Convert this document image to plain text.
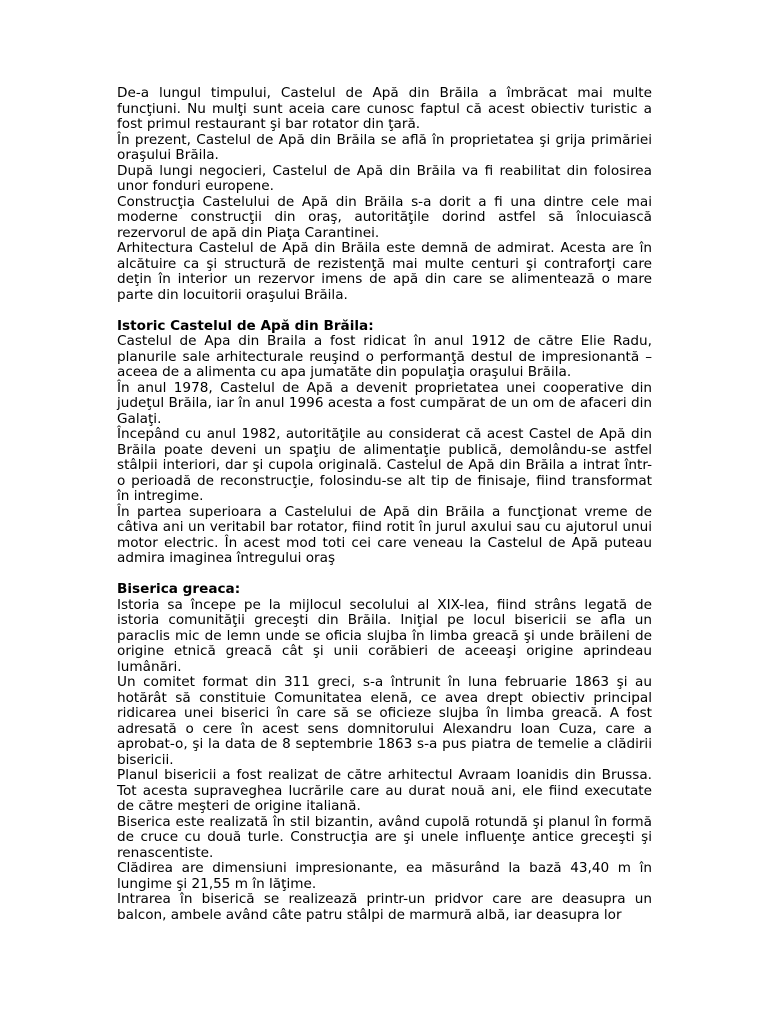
De-a lungul timpului, Castelul de Apă din Brăila a îmbrăcat mai multe funcţiuni. Nu mulţi sunt aceia care cunosc faptul că acest obiectiv turistic a fost primul restaurant şi bar rotator din ţară.

În prezent, Castelul de Apă din Brăila se află în proprietatea şi grija primăriei oraşului Brăila.

După lungi negocieri, Castelul de Apă din Brăila va fi reabilitat din folosirea unor fonduri europene.

Construcţia Castelului de Apă din Brăila s-a dorit a fi una dintre cele mai moderne construcţii din oraş, autorităţile dorind astfel să înlocuiască rezervorul de apă din Piaţa Carantinei.

Arhitectura Castelul de Apă din Brăila este demnă de admirat. Acesta are în alcătuire ca şi structură de rezistenţă mai multe centuri şi contraforţi care deţin în interior un rezervor imens de apă din care se alimentează o mare parte din locuitorii oraşului Brăila.

Istoric Castelul de Apă din Brăila:

Castelul de Apa din Braila a fost ridicat în anul 1912 de către Elie Radu, planurile sale arhitecturale reuşind o performanţă destul de impresionantă – aceea de a alimenta cu apa jumatăte din populaţia oraşului Brăila.

În anul 1978, Castelul de Apă a devenit proprietatea unei cooperative din judeţul Brăila, iar în anul 1996 acesta a fost cumpărat de un om de afaceri din Galaţi.

Începând cu anul 1982, autorităţile au considerat că acest Castel de Apă din Brăila poate deveni un spaţiu de alimentaţie publică, demolându-se astfel stâlpii interiori, dar şi cupola originală. Castelul de Apă din Brăila a intrat într-o perioadă de reconstrucţie, folosindu-se alt tip de finisaje, fiind transformat în intregime.

În partea superioara a Castelului de Apă din Brăila a funcţionat vreme de câtiva ani un veritabil bar rotator, fiind rotit în jurul axului sau cu ajutorul unui motor electric. În acest mod toti cei care veneau la Castelul de Apă puteau admira imaginea întregului oraş

Biserica greaca:

Istoria sa începe pe la mijlocul secolului al XIX-lea, fiind strâns legată de istoria comunităţii greceşti din Brăila. Iniţial pe locul bisericii se afla un paraclis mic de lemn unde se oficia slujba în limba greacă şi unde brăileni de origine etnică greacă cât şi unii corăbieri de aceeaşi origine aprindeau lumânări.

Un comitet format din 311 greci, s-a întrunit în luna februarie 1863 şi au hotărât să constituie Comunitatea elenă, ce avea drept obiectiv principal ridicarea unei biserici în care să se oficieze slujba în limba greacă. A fost adresată o cere în acest sens domnitorului Alexandru Ioan Cuza, care a aprobat-o, şi la data de 8 septembrie 1863 s-a pus piatra de temelie a clădirii bisericii.

Planul bisericii a fost realizat de către arhitectul Avraam Ioanidis din Brussa. Tot acesta supraveghea lucrările care au durat nouă ani, ele fiind executate de către meşteri de origine italiană.

Biserica este realizată în stil bizantin, având cupolă rotundă şi planul în formă de cruce cu două turle. Construcţia are şi unele influenţe antice greceşti şi renascentiste.

Clădirea are dimensiuni impresionante, ea măsurând la bază 43,40 m în lungime şi 21,55 m în lăţime.

Intrarea în biserică se realizează printr-un pridvor care are deasupra un balcon, ambele având câte patru stâlpi de marmură albă, iar deasupra lor
